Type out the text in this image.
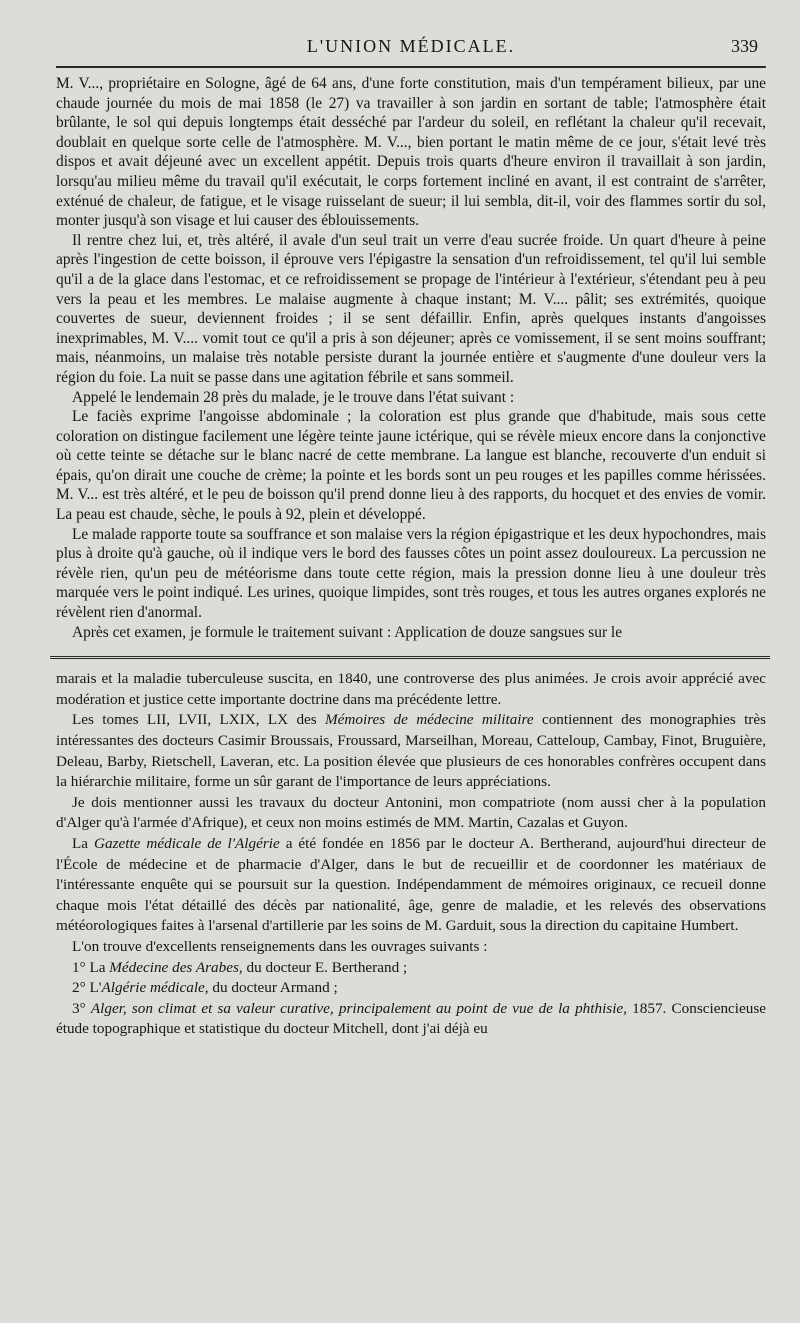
L'UNION MÉDICALE.	339

M. V..., propriétaire en Sologne, âgé de 64 ans, d'une forte constitution, mais d'un tempérament bilieux, par une chaude journée du mois de mai 1858 (le 27) va travailler à son jardin en sortant de table; l'atmosphère était brûlante, le sol qui depuis longtemps était desséché par l'ardeur du soleil, en reflétant la chaleur qu'il recevait, doublait en quelque sorte celle de l'atmosphère. M. V..., bien portant le matin même de ce jour, s'était levé très dispos et avait déjeuné avec un excellent appétit. Depuis trois quarts d'heure environ il travaillait à son jardin, lorsqu'au milieu même du travail qu'il exécutait, le corps fortement incliné en avant, il est contraint de s'arrêter, exténué de chaleur, de fatigue, et le visage ruisselant de sueur; il lui sembla, dit-il, voir des flammes sortir du sol, monter jusqu'à son visage et lui causer des éblouissements.

Il rentre chez lui, et, très altéré, il avale d'un seul trait un verre d'eau sucrée froide. Un quart d'heure à peine après l'ingestion de cette boisson, il éprouve vers l'épigastre la sensation d'un refroidissement, tel qu'il lui semble qu'il a de la glace dans l'estomac, et ce refroidissement se propage de l'intérieur à l'extérieur, s'étendant peu à peu vers la peau et les membres. Le malaise augmente à chaque instant; M. V.... pâlit; ses extrémités, quoique couvertes de sueur, deviennent froides ; il se sent défaillir. Enfin, après quelques instants d'angoisses inexprimables, M. V.... vomit tout ce qu'il a pris à son déjeuner; après ce vomissement, il se sent moins souffrant; mais, néanmoins, un malaise très notable persiste durant la journée entière et s'augmente d'une douleur vers la région du foie. La nuit se passe dans une agitation fébrile et sans sommeil.

Appelé le lendemain 28 près du malade, je le trouve dans l'état suivant :

Le faciès exprime l'angoisse abdominale ; la coloration est plus grande que d'habitude, mais sous cette coloration on distingue facilement une légère teinte jaune ictérique, qui se révèle mieux encore dans la conjonctive où cette teinte se détache sur le blanc nacré de cette membrane. La langue est blanche, recouverte d'un enduit si épais, qu'on dirait une couche de crème; la pointe et les bords sont un peu rouges et les papilles comme hérissées. M. V... est très altéré, et le peu de boisson qu'il prend donne lieu à des rapports, du hocquet et des envies de vomir. La peau est chaude, sèche, le pouls à 92, plein et développé.

Le malade rapporte toute sa souffrance et son malaise vers la région épigastrique et les deux hypochondres, mais plus à droite qu'à gauche, où il indique vers le bord des fausses côtes un point assez douloureux. La percussion ne révèle rien, qu'un peu de météorisme dans toute cette région, mais la pression donne lieu à une douleur très marquée vers le point indiqué. Les urines, quoique limpides, sont très rouges, et tous les autres organes explorés ne révèlent rien d'anormal.

Après cet examen, je formule le traitement suivant : Application de douze sangsues sur le

marais et la maladie tuberculeuse suscita, en 1840, une controverse des plus animées. Je crois avoir apprécié avec modération et justice cette importante doctrine dans ma précédente lettre.

Les tomes LII, LVII, LXIX, LX des Mémoires de médecine militaire contiennent des monographies très intéressantes des docteurs Casimir Broussais, Froussard, Marseilhan, Moreau, Catteloup, Cambay, Finot, Bruguière, Deleau, Barby, Rietschell, Laveran, etc. La position élevée que plusieurs de ces honorables confrères occupent dans la hiérarchie militaire, forme un sûr garant de l'importance de leurs appréciations.

Je dois mentionner aussi les travaux du docteur Antonini, mon compatriote (nom aussi cher à la population d'Alger qu'à l'armée d'Afrique), et ceux non moins estimés de MM. Martin, Cazalas et Guyon.

La Gazette médicale de l'Algérie a été fondée en 1856 par le docteur A. Bertherand, aujourd'hui directeur de l'École de médecine et de pharmacie d'Alger, dans le but de recueillir et de coordonner les matériaux de l'intéressante enquête qui se poursuit sur la question. Indépendamment de mémoires originaux, ce recueil donne chaque mois l'état détaillé des décès par nationalité, âge, genre de maladie, et les relevés des observations météorologiques faites à l'arsenal d'artillerie par les soins de M. Garduit, sous la direction du capitaine Humbert.

L'on trouve d'excellents renseignements dans les ouvrages suivants :

1° La Médecine des Arabes, du docteur E. Bertherand ;

2° L'Algérie médicale, du docteur Armand ;

3° Alger, son climat et sa valeur curative, principalement au point de vue de la phthisie, 1857. Consciencieuse étude topographique et statistique du docteur Mitchell, dont j'ai déjà eu
